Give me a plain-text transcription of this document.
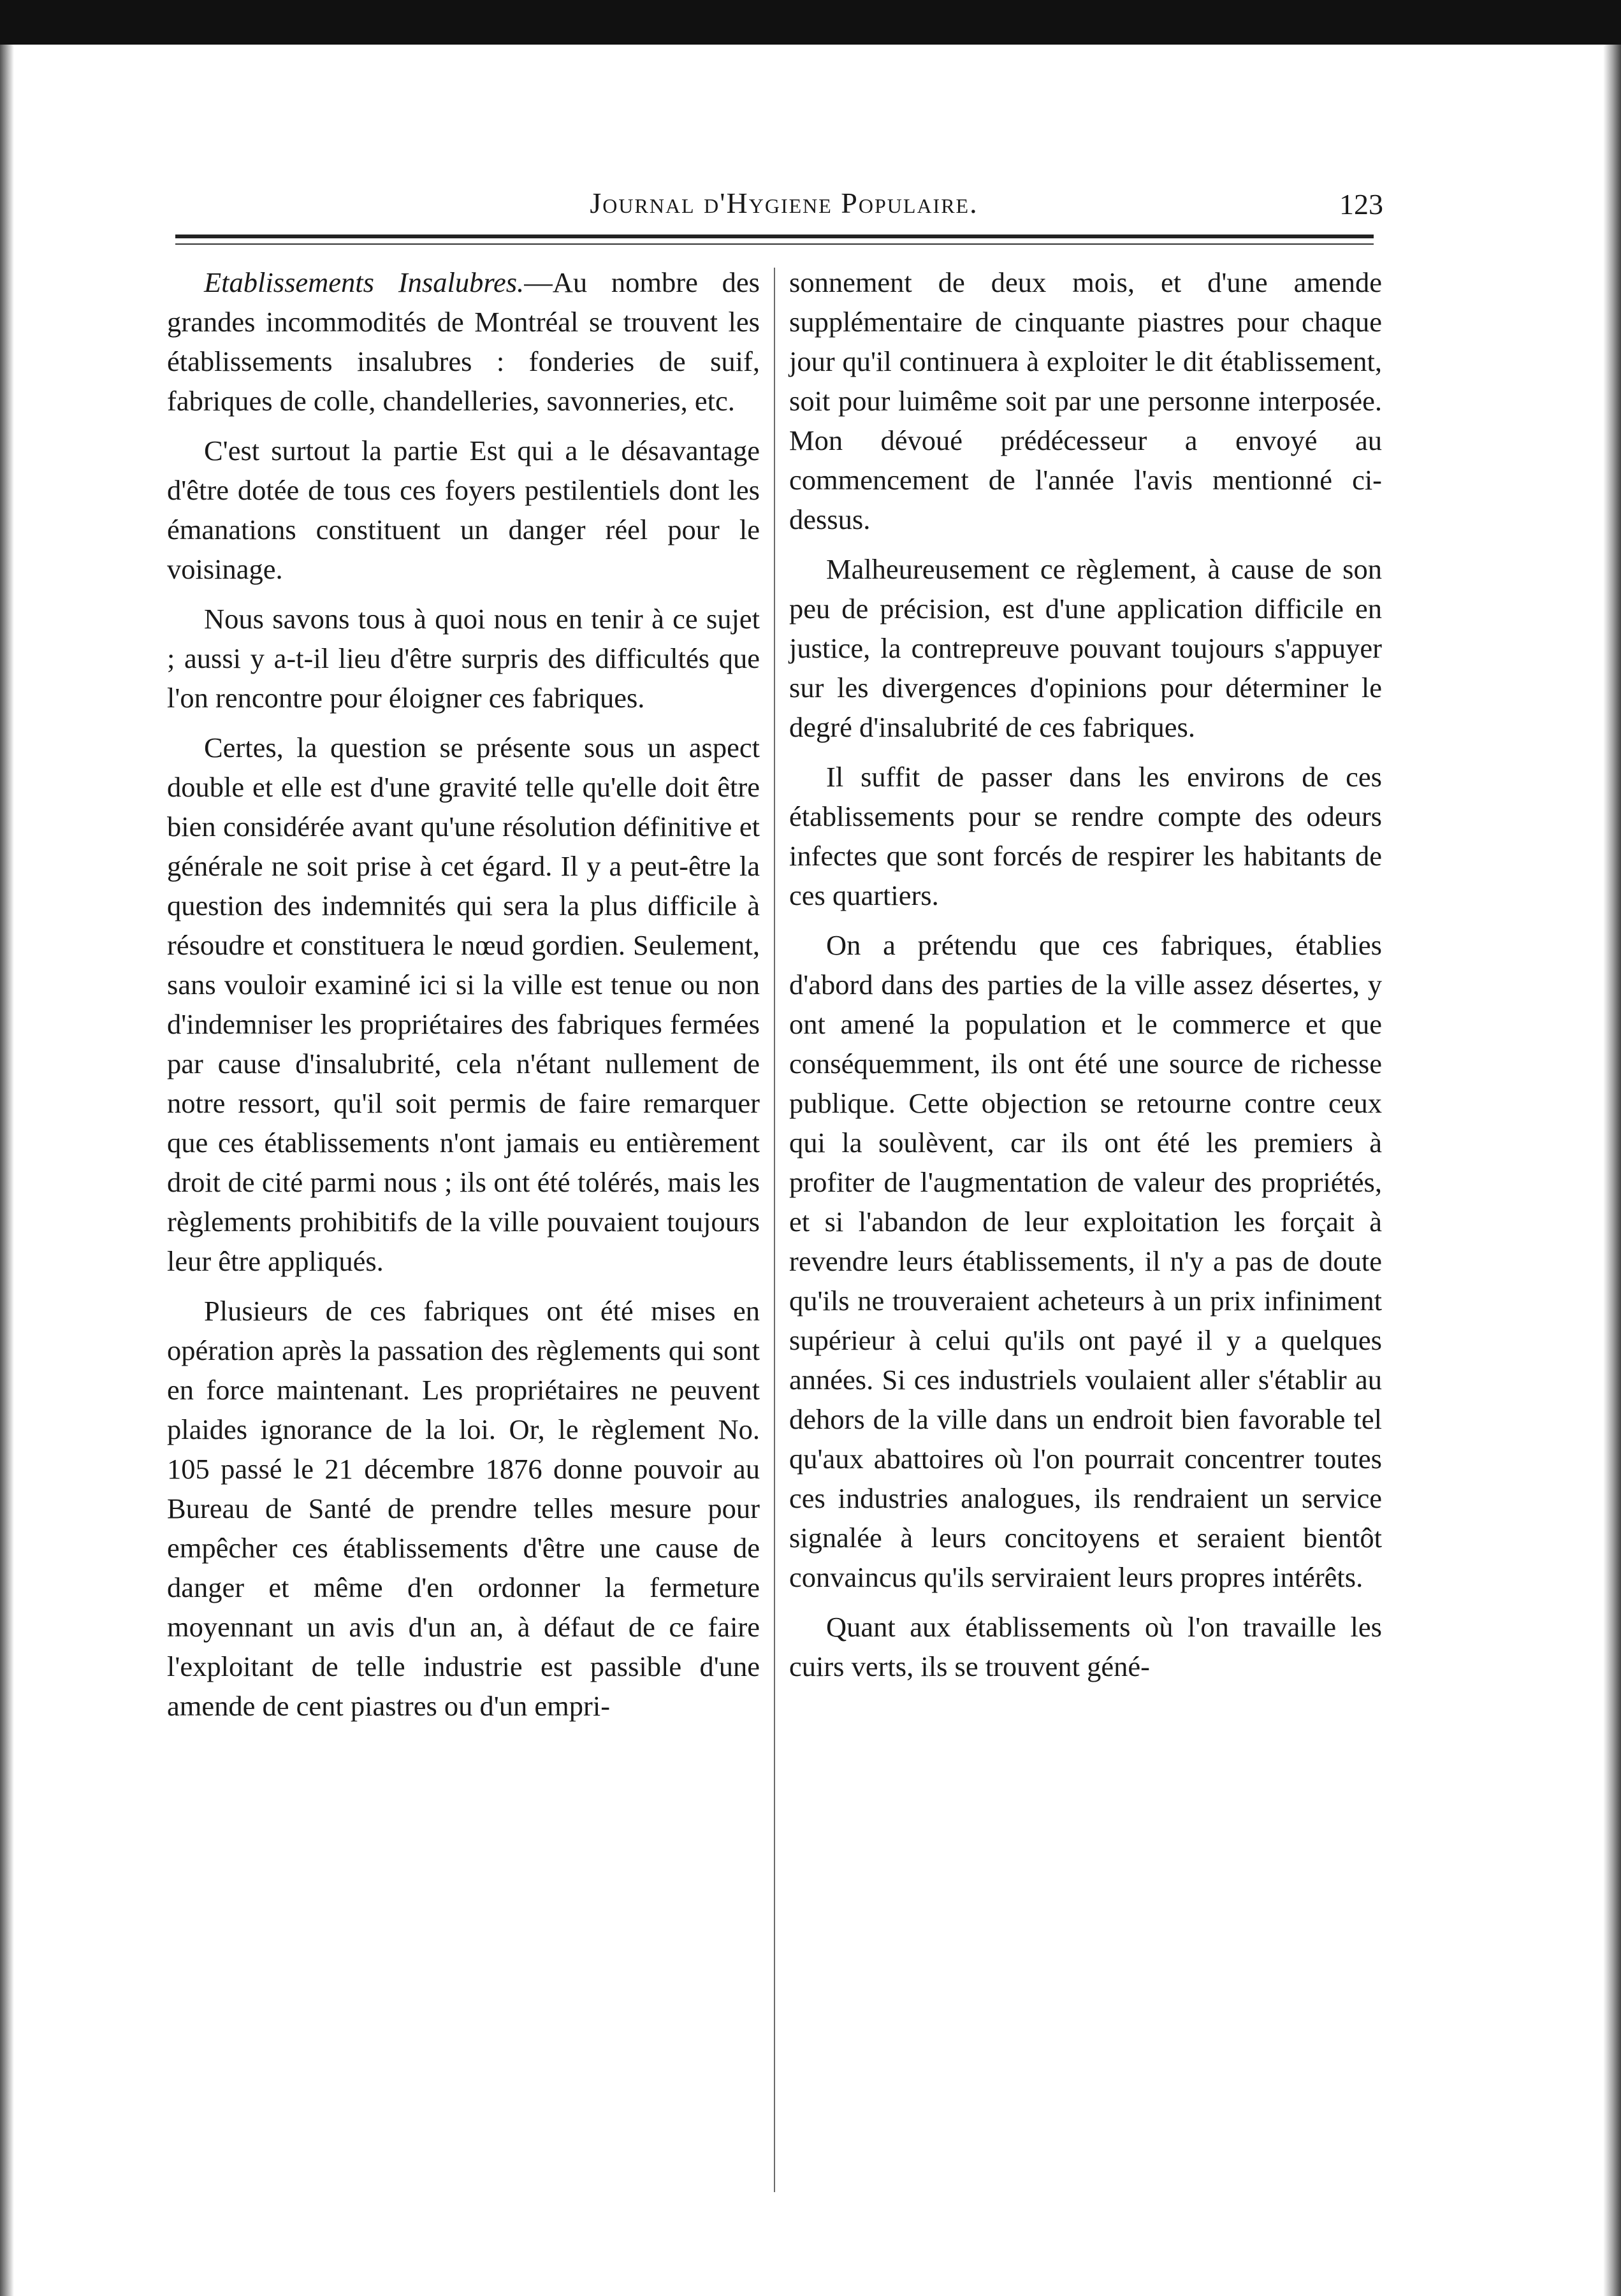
Journal d'Hygiene Populaire.	123

Etablissements Insalubres.—Au nombre des grandes incommodités de Montréal se trouvent les établissements insalubres : fonderies de suif, fabriques de colle, chandelleries, savonneries, etc.

C'est surtout la partie Est qui a le désavantage d'être dotée de tous ces foyers pestilentiels dont les émanations constituent un danger réel pour le voisinage.

Nous savons tous à quoi nous en tenir à ce sujet ; aussi y a-t-il lieu d'être surpris des difficultés que l'on rencontre pour éloigner ces fabriques.

Certes, la question se présente sous un aspect double et elle est d'une gravité telle qu'elle doit être bien considérée avant qu'une résolution définitive et générale ne soit prise à cet égard. Il y a peut-être la question des indemnités qui sera la plus difficile à résoudre et constituera le nœud gordien. Seulement, sans vouloir examiné ici si la ville est tenue ou non d'indemniser les propriétaires des fabriques fermées par cause d'insalubrité, cela n'étant nullement de notre ressort, qu'il soit permis de faire remarquer que ces établissements n'ont jamais eu entièrement droit de cité parmi nous ; ils ont été tolérés, mais les règlements prohibitifs de la ville pouvaient toujours leur être appliqués.

Plusieurs de ces fabriques ont été mises en opération après la passation des règlements qui sont en force maintenant. Les propriétaires ne peuvent plaides ignorance de la loi. Or, le règlement No. 105 passé le 21 décembre 1876 donne pouvoir au Bureau de Santé de prendre telles mesure pour empêcher ces établissements d'être une cause de danger et même d'en ordonner la fermeture moyennant un avis d'un an, à défaut de ce faire l'exploitant de telle industrie est passible d'une amende de cent piastres ou d'un empri-

sonnement de deux mois, et d'une amende supplémentaire de cinquante piastres pour chaque jour qu'il continuera à exploiter le dit établissement, soit pour luimême soit par une personne interposée. Mon dévoué prédécesseur a envoyé au commencement de l'année l'avis mentionné ci-dessus.

Malheureusement ce règlement, à cause de son peu de précision, est d'une application difficile en justice, la contrepreuve pouvant toujours s'appuyer sur les divergences d'opinions pour déterminer le degré d'insalubrité de ces fabriques.

Il suffit de passer dans les environs de ces établissements pour se rendre compte des odeurs infectes que sont forcés de respirer les habitants de ces quartiers.

On a prétendu que ces fabriques, établies d'abord dans des parties de la ville assez désertes, y ont amené la population et le commerce et que conséquemment, ils ont été une source de richesse publique. Cette objection se retourne contre ceux qui la soulèvent, car ils ont été les premiers à profiter de l'augmentation de valeur des propriétés, et si l'abandon de leur exploitation les forçait à revendre leurs établissements, il n'y a pas de doute qu'ils ne trouveraient acheteurs à un prix infiniment supérieur à celui qu'ils ont payé il y a quelques années. Si ces industriels voulaient aller s'établir au dehors de la ville dans un endroit bien favorable tel qu'aux abattoires où l'on pourrait concentrer toutes ces industries analogues, ils rendraient un service signalée à leurs concitoyens et seraient bientôt convaincus qu'ils serviraient leurs propres intérêts.

Quant aux établissements où l'on travaille les cuirs verts, ils se trouvent géné-
